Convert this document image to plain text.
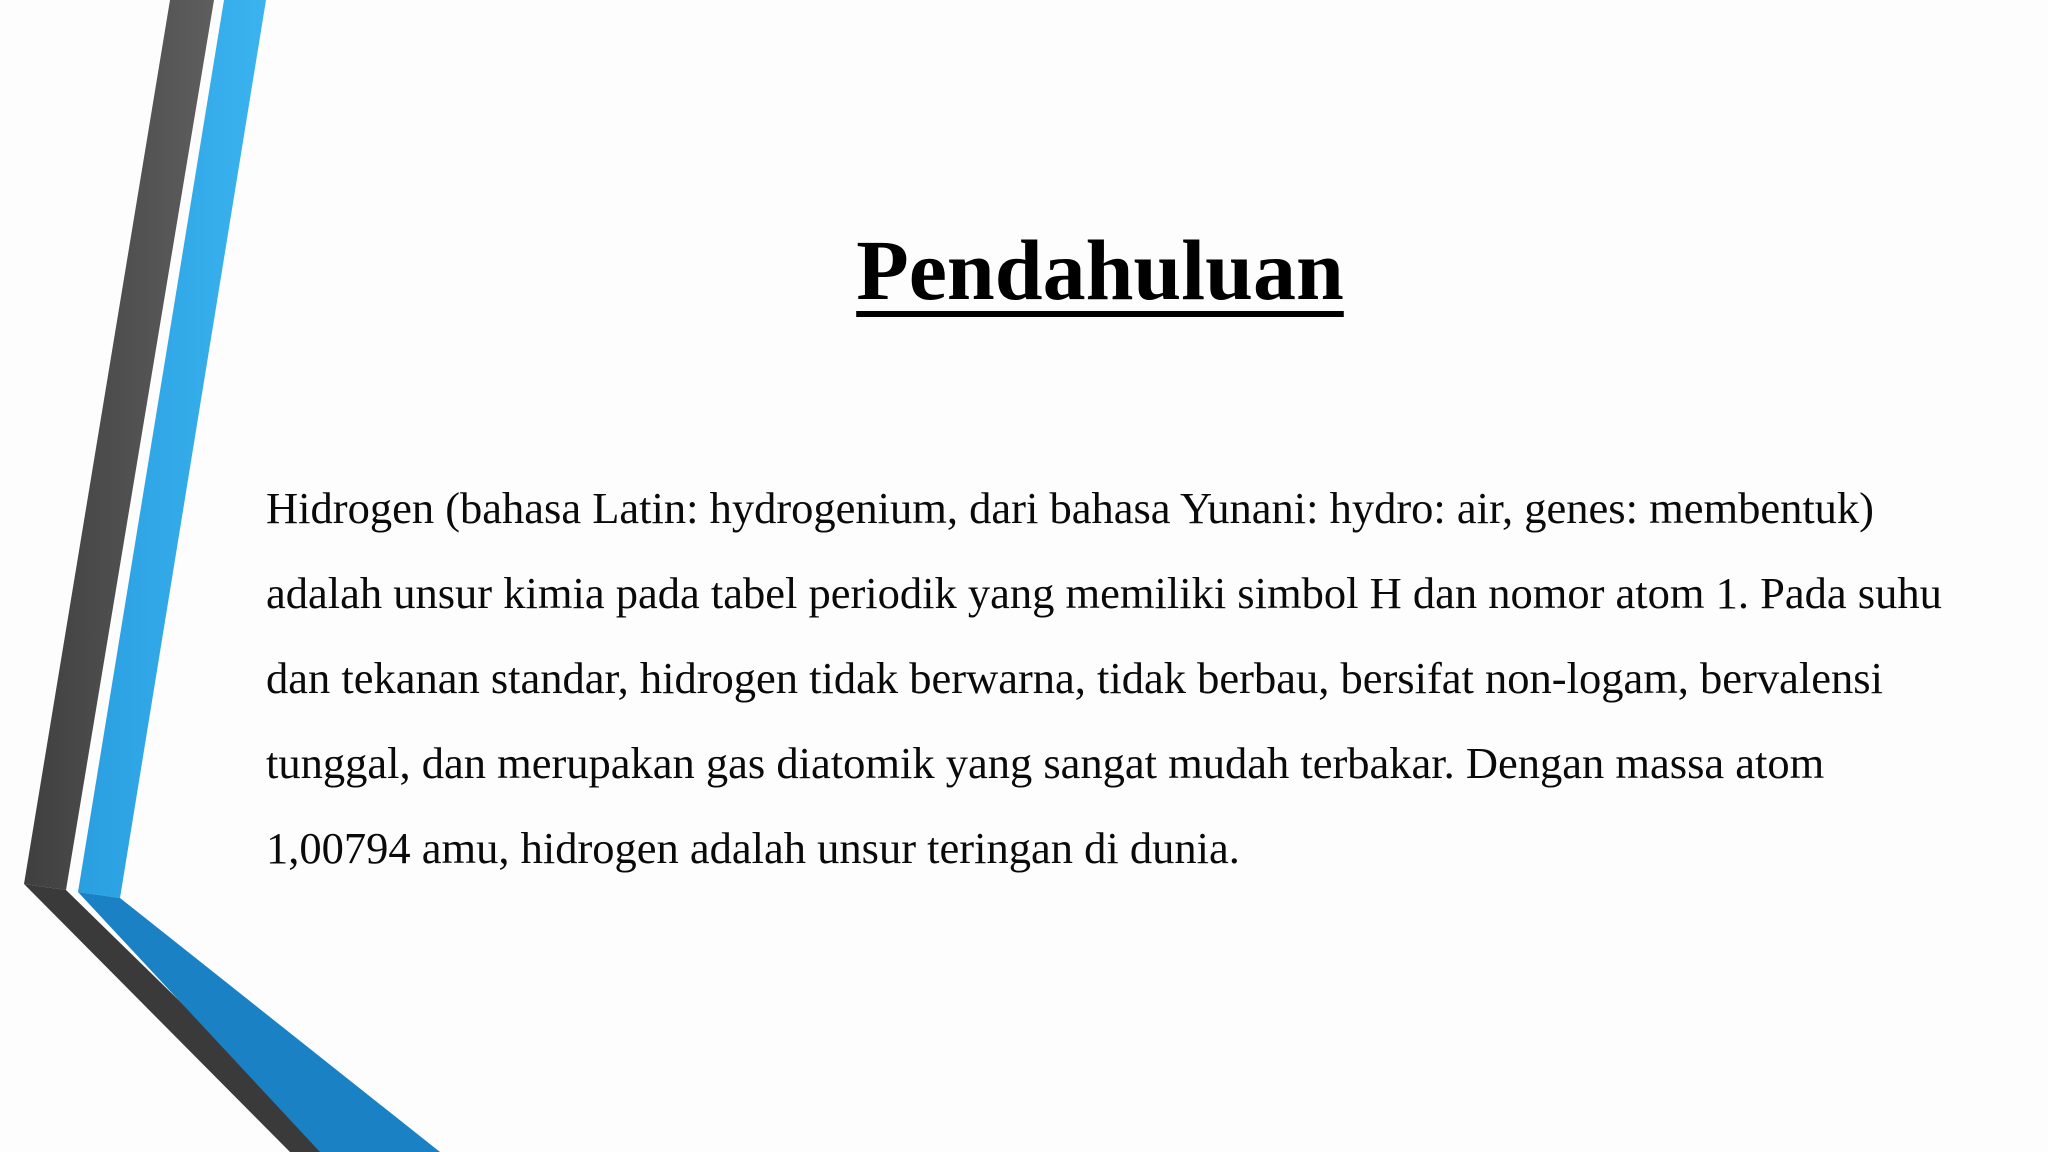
Pendahuluan

Hidrogen (bahasa Latin: hydrogenium, dari bahasa Yunani: hydro: air, genes: membentuk) adalah unsur kimia pada tabel periodik yang memiliki simbol H dan nomor atom 1. Pada suhu dan tekanan standar, hidrogen tidak berwarna, tidak berbau, bersifat non-logam, bervalensi tunggal, dan merupakan gas diatomik yang sangat mudah terbakar. Dengan massa atom 1,00794 amu, hidrogen adalah unsur teringan di dunia.
